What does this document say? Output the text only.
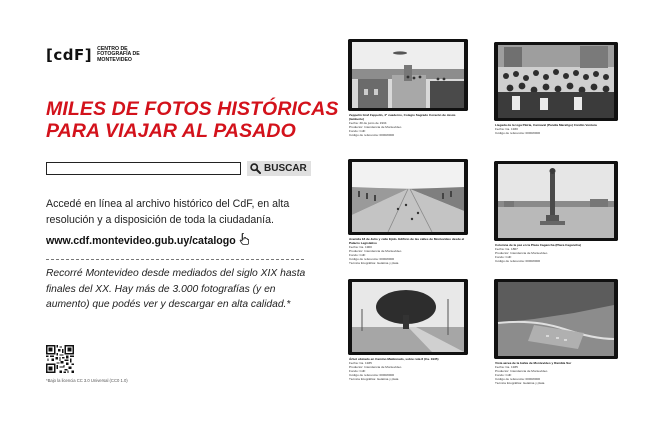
[cdF] CENTRO DE FOTOGRAFÍA DE MONTEVIDEO
MILES DE FOTOS HISTÓRICAS
PARA VIAJAR AL PASADO
BUSCAR
Accedé en línea al archivo histórico del CdF, en alta resolución y a disposición de toda la ciudadanía.
www.cdf.montevideo.gub.uy/catalogo
Recorré Montevideo desde mediados del siglo XIX hasta finales del XX. Hay más de 3.000 fotografías (y en aumento) que podés ver y descargar en alta calidad.*
*Bajo la licencia CC 3.0 Universal (CC0 1.0)
Zeppelin Graf Zeppelin, 4º cuaderno, Colegio Sagrado Corazón de Jesús (lamberte)
Fecha: 30 de junio de 1934
Productor: Intendencia de Montevideo
Fondo: CdF
Código de referencia: 0000/0000
Llegada de la Liga Pátria, Carnaval (Pandía Marañgo) Crédito Ventura
Fecha: Ca. 1930
Código de referencia: 0000/0000
Avenida 18 de Julio y calle Ejido. Edificio de las calles de Montevideo desde el Palacio Legislativo
Fecha: Ca. 1900
Productor: Intendencia de Montevideo
Fondo: CdF
Código de referencia: 0000/0000
Técnica fotográfica: Gelatina y plata
Columna de la paz en la Plaza Cagancha (Plaza Cagancha)
Fecha: Ca. 1867
Productor: Intendencia de Montevideo
Fondo: CdF
Código de referencia: 0000/0000
Árbol ubicado en Camino Maldonado, sobre ruta 8 (Ca. 1935)
Fecha: Ca. 1935
Productor: Intendencia de Montevideo
Fondo: CdF
Código de referencia: 0000/0000
Técnica fotográfica: Gelatina y plata
Vista aérea de la bahía de Montevideo y Rambla Sur
Fecha: Ca. 1935
Productor: Intendencia de Montevideo
Fondo: CdF
Código de referencia: 0000/0000
Técnica fotográfica: Gelatina y plata
